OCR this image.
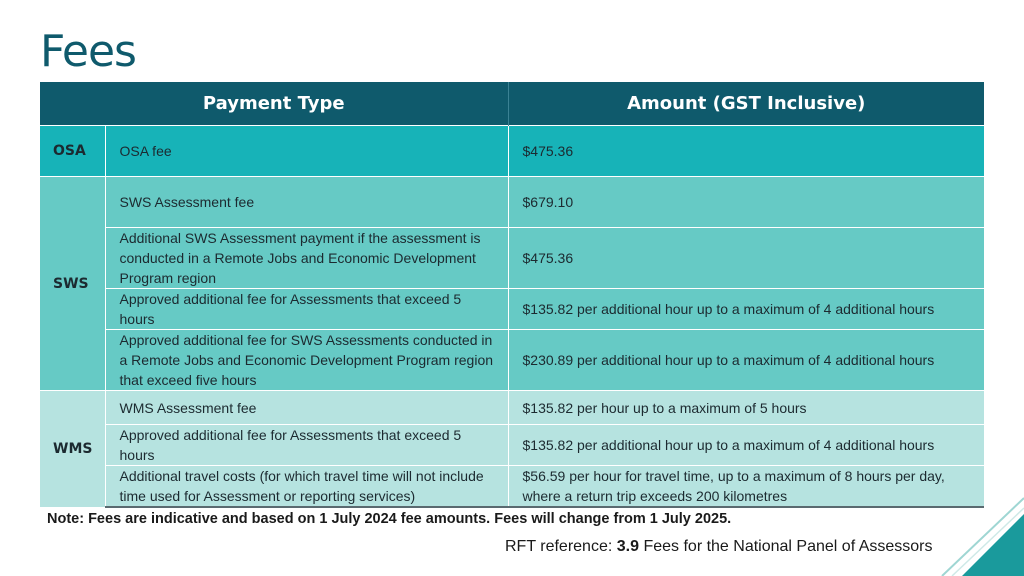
Fees
Payment Type		Amount (GST Inclusive)
OSA	OSA fee	$475.36
SWS	SWS Assessment fee	$679.10
	Additional SWS Assessment payment if the assessment is conducted in a Remote Jobs and Economic Development Program region	$475.36
	Approved additional fee for Assessments that exceed 5 hours	$135.82 per additional hour up to a maximum of 4 additional hours
	Approved additional fee for SWS Assessments conducted in a Remote Jobs and Economic Development Program region that exceed five hours	$230.89 per additional hour up to a maximum of 4 additional hours
WMS	WMS Assessment fee	$135.82 per hour up to a maximum of 5 hours
	Approved additional fee for Assessments that exceed 5 hours	$135.82 per additional hour up to a maximum of 4 additional hours
	Additional travel costs (for which travel time will not include time used for Assessment or reporting services)	$56.59 per hour for travel time, up to a maximum of 8 hours per day, where a return trip exceeds 200 kilometres
Note: Fees are indicative and based on 1 July 2024 fee amounts. Fees will change from 1 July 2025.
RFT reference: 3.9 Fees for the National Panel of Assessors
